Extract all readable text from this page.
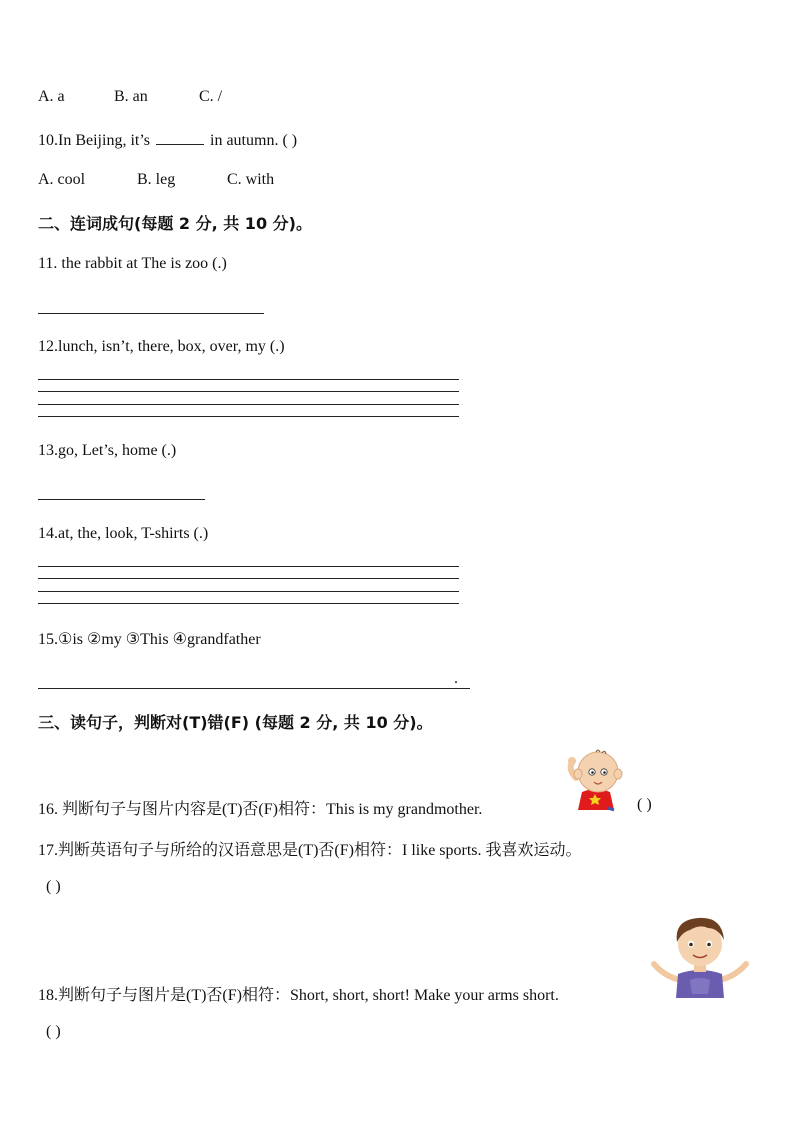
A. a	B. an	C. /
10.In Beijing, it’s	in autumn. ( )
A. cool	B. leg	C. with
二、连词成句(每题 2 分, 共 10 分)。
11. the rabbit at The is zoo (.)
12.lunch, isn’t, there, box, over, my (.)
13.go, Let’s, home (.)
14.at, the, look, T-shirts (.)
15.①is ②my ③This ④grandfather
.
三、读句子，判断对(T)错(F) (每题 2 分, 共 10 分)。
16. 判断句子与图片内容是(T)否(F)相符：This is my grandmother.	( )
17.判断英语句子与所给的汉语意思是(T)否(F)相符：I like sports. 我喜欢运动。
( )
18.判断句子与图片是(T)否(F)相符：Short, short, short! Make your arms short.
( )
